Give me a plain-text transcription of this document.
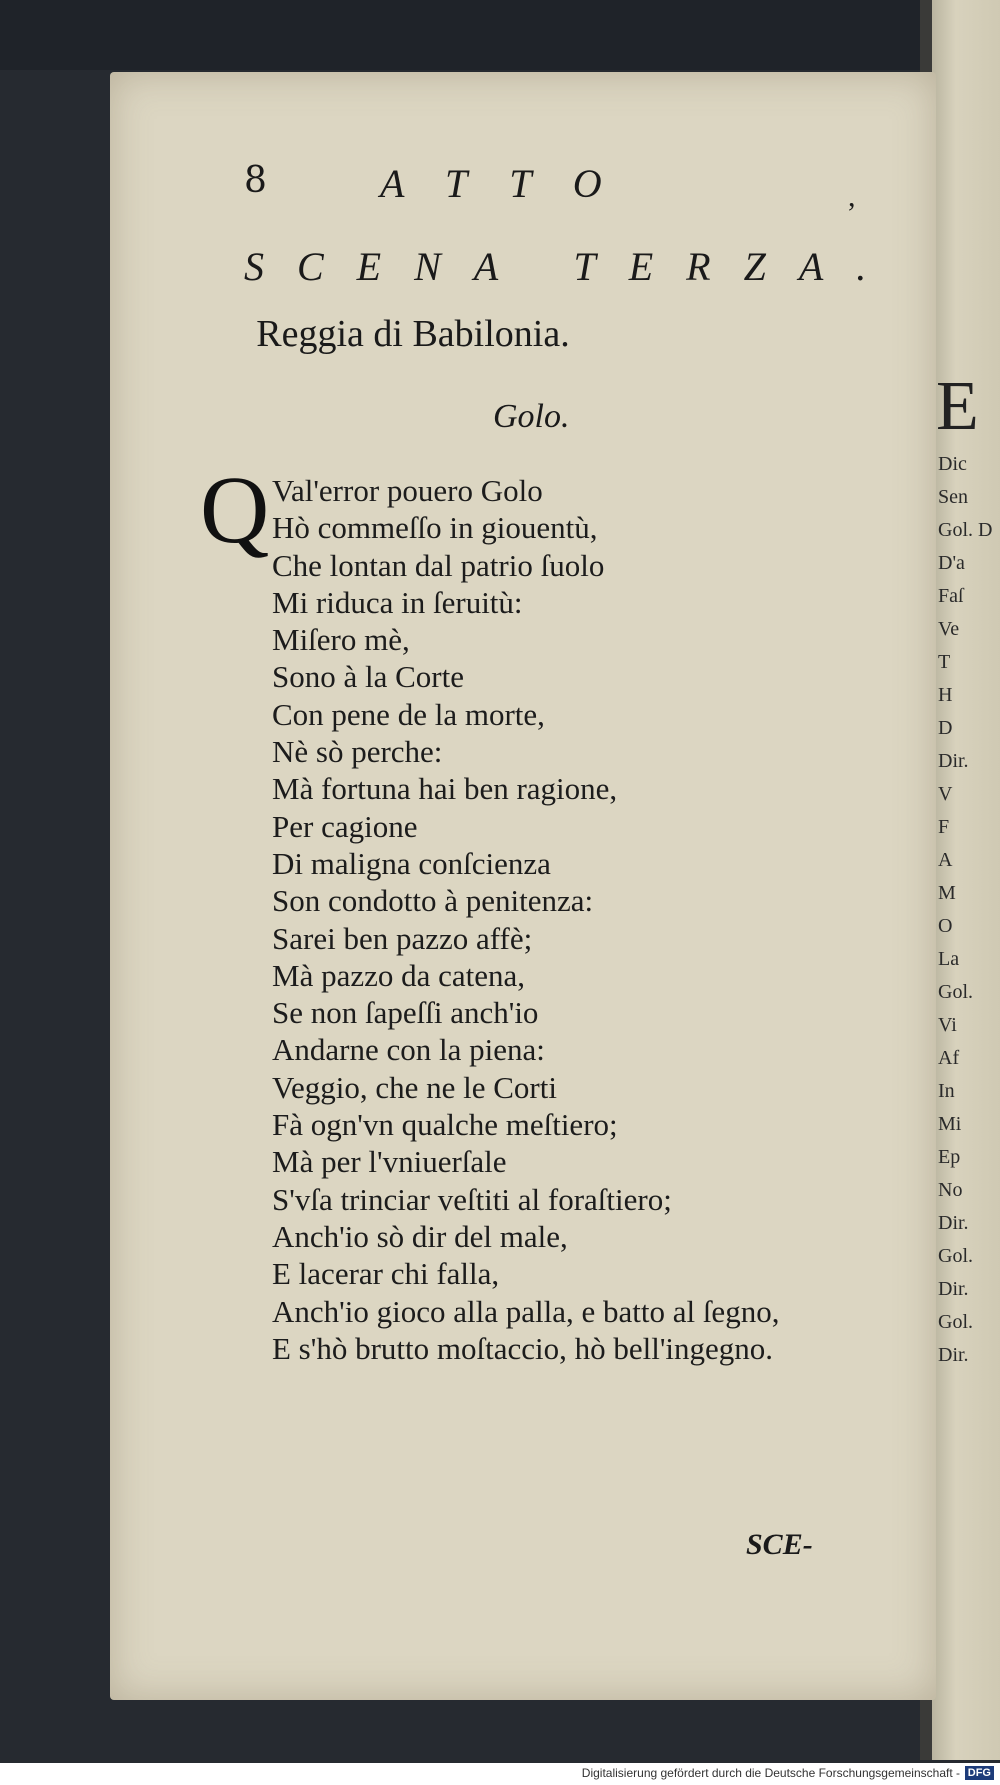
E
Dic
Sen
Gol. D
D'a
Faſ
Ve
T
H
D
Dir.
V
F
A
M
O
La
Gol.
Vi
Af
In
Mi
Ep
No
Dir.
Gol.
Dir.
Gol.
Dir.
8	ATTO	,
SCENA TERZA.
Reggia di Babilonia.
Golo.
Q Val'error pouero Golo
Hò commeſſo in giouentù,
Che lontan dal patrio ſuolo
Mi riduca in ſeruitù:
Miſero mè,
Sono à la Corte
Con pene de la morte,
Nè sò perche:
Mà fortuna hai ben ragione,
Per cagione
Di maligna conſcienza
Son condotto à penitenza:
Sarei ben pazzo affè;
Mà pazzo da catena,
Se non ſapeſſi anch'io
Andarne con la piena:
Veggio, che ne le Corti
Fà ogn'vn qualche meſtiero;
Mà per l'vniuerſale
S'vſa trinciar veſtiti al foraſtiero;
Anch'io sò dir del male,
E lacerar chi falla,
Anch'io gioco alla palla, e batto al ſegno,
E s'hò brutto moſtaccio, hò bell'ingegno.
SCE-
Digitalisierung gefördert durch die Deutsche Forschungsgemeinschaft - DFG
